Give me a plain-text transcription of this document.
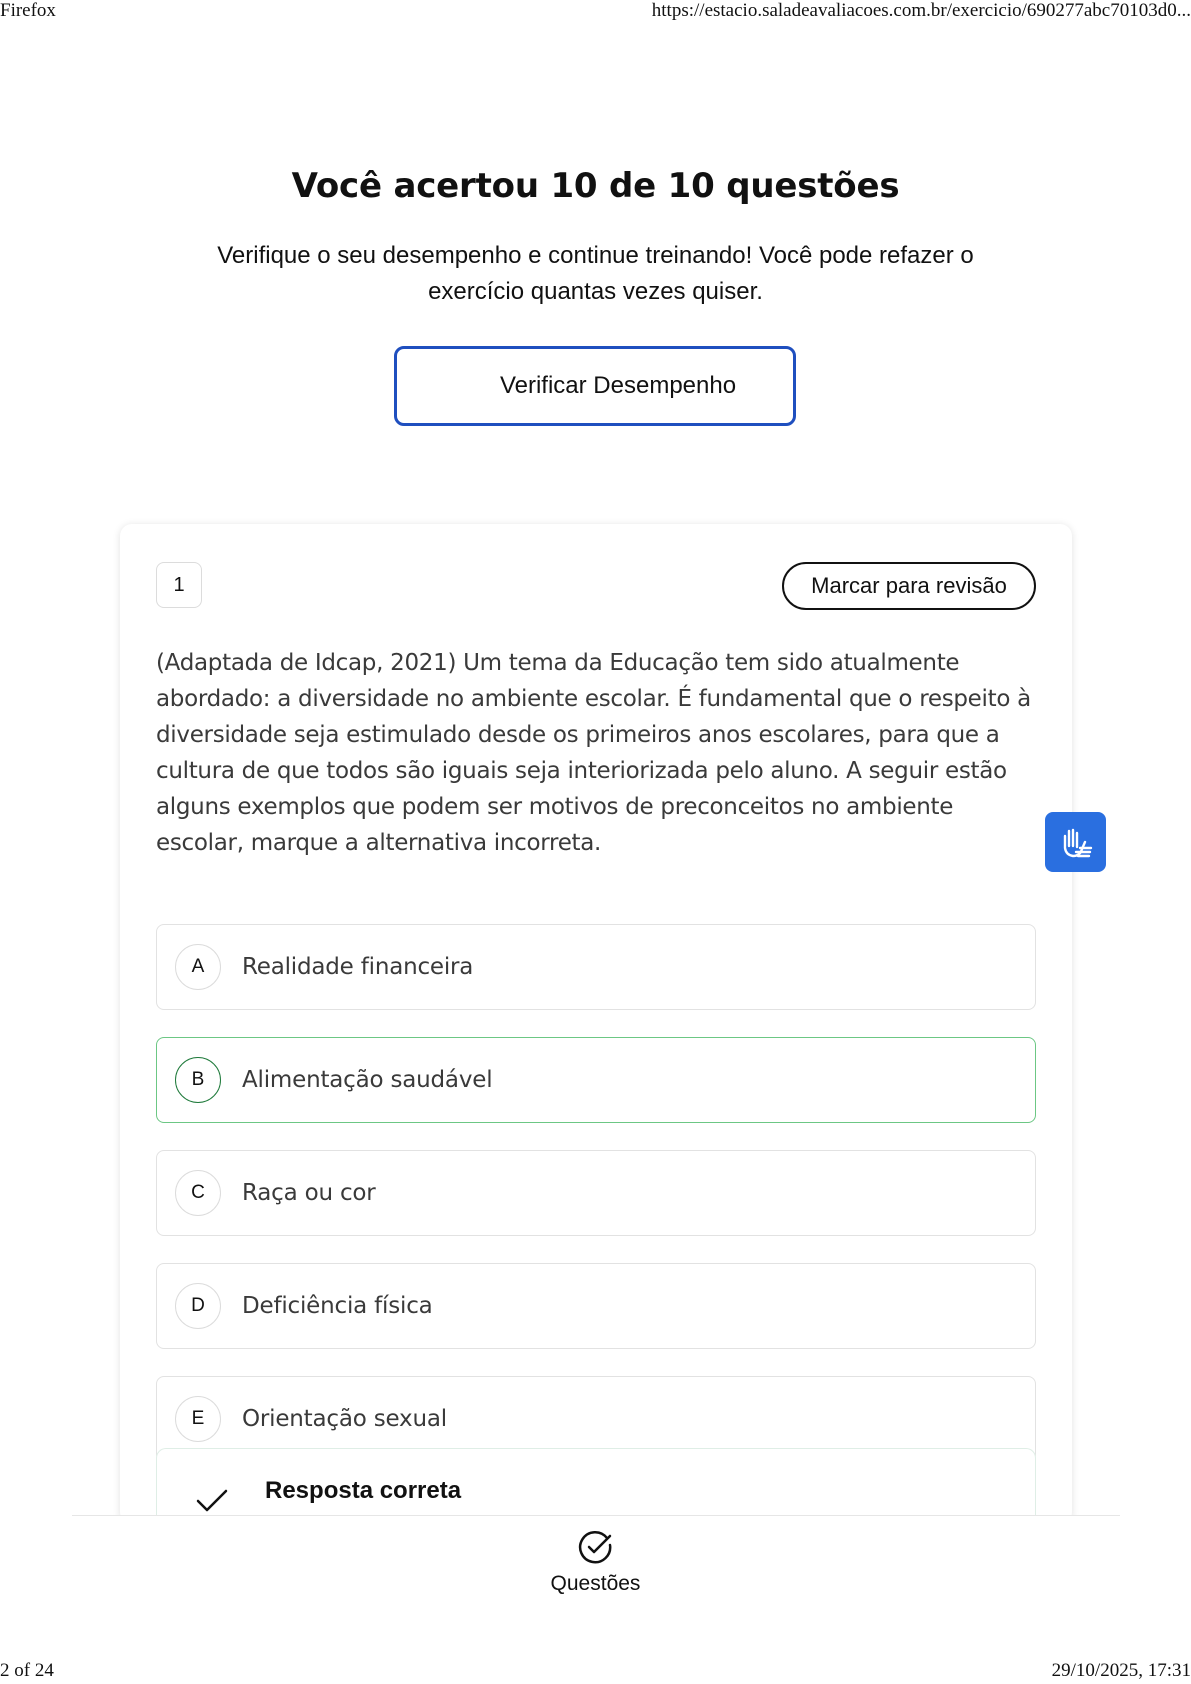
Firefox	https://estacio.saladeavaliacoes.com.br/exercicio/690277abc70103d0...
Você acertou 10 de 10 questões
Verifique o seu desempenho e continue treinando! Você pode refazer o exercício quantas vezes quiser.
Verificar Desempenho
1	Marcar para revisão
(Adaptada de Idcap, 2021) Um tema da Educação tem sido atualmente abordado: a diversidade no ambiente escolar. É fundamental que o respeito à diversidade seja estimulado desde os primeiros anos escolares, para que a cultura de que todos são iguais seja interiorizada pelo aluno. A seguir estão alguns exemplos que podem ser motivos de preconceitos no ambiente escolar, marque a alternativa incorreta.
A	Realidade financeira
B	Alimentação saudável
C	Raça ou cor
D	Deficiência física
E	Orientação sexual
Resposta correta
Questões
2 of 24	29/10/2025, 17:31
